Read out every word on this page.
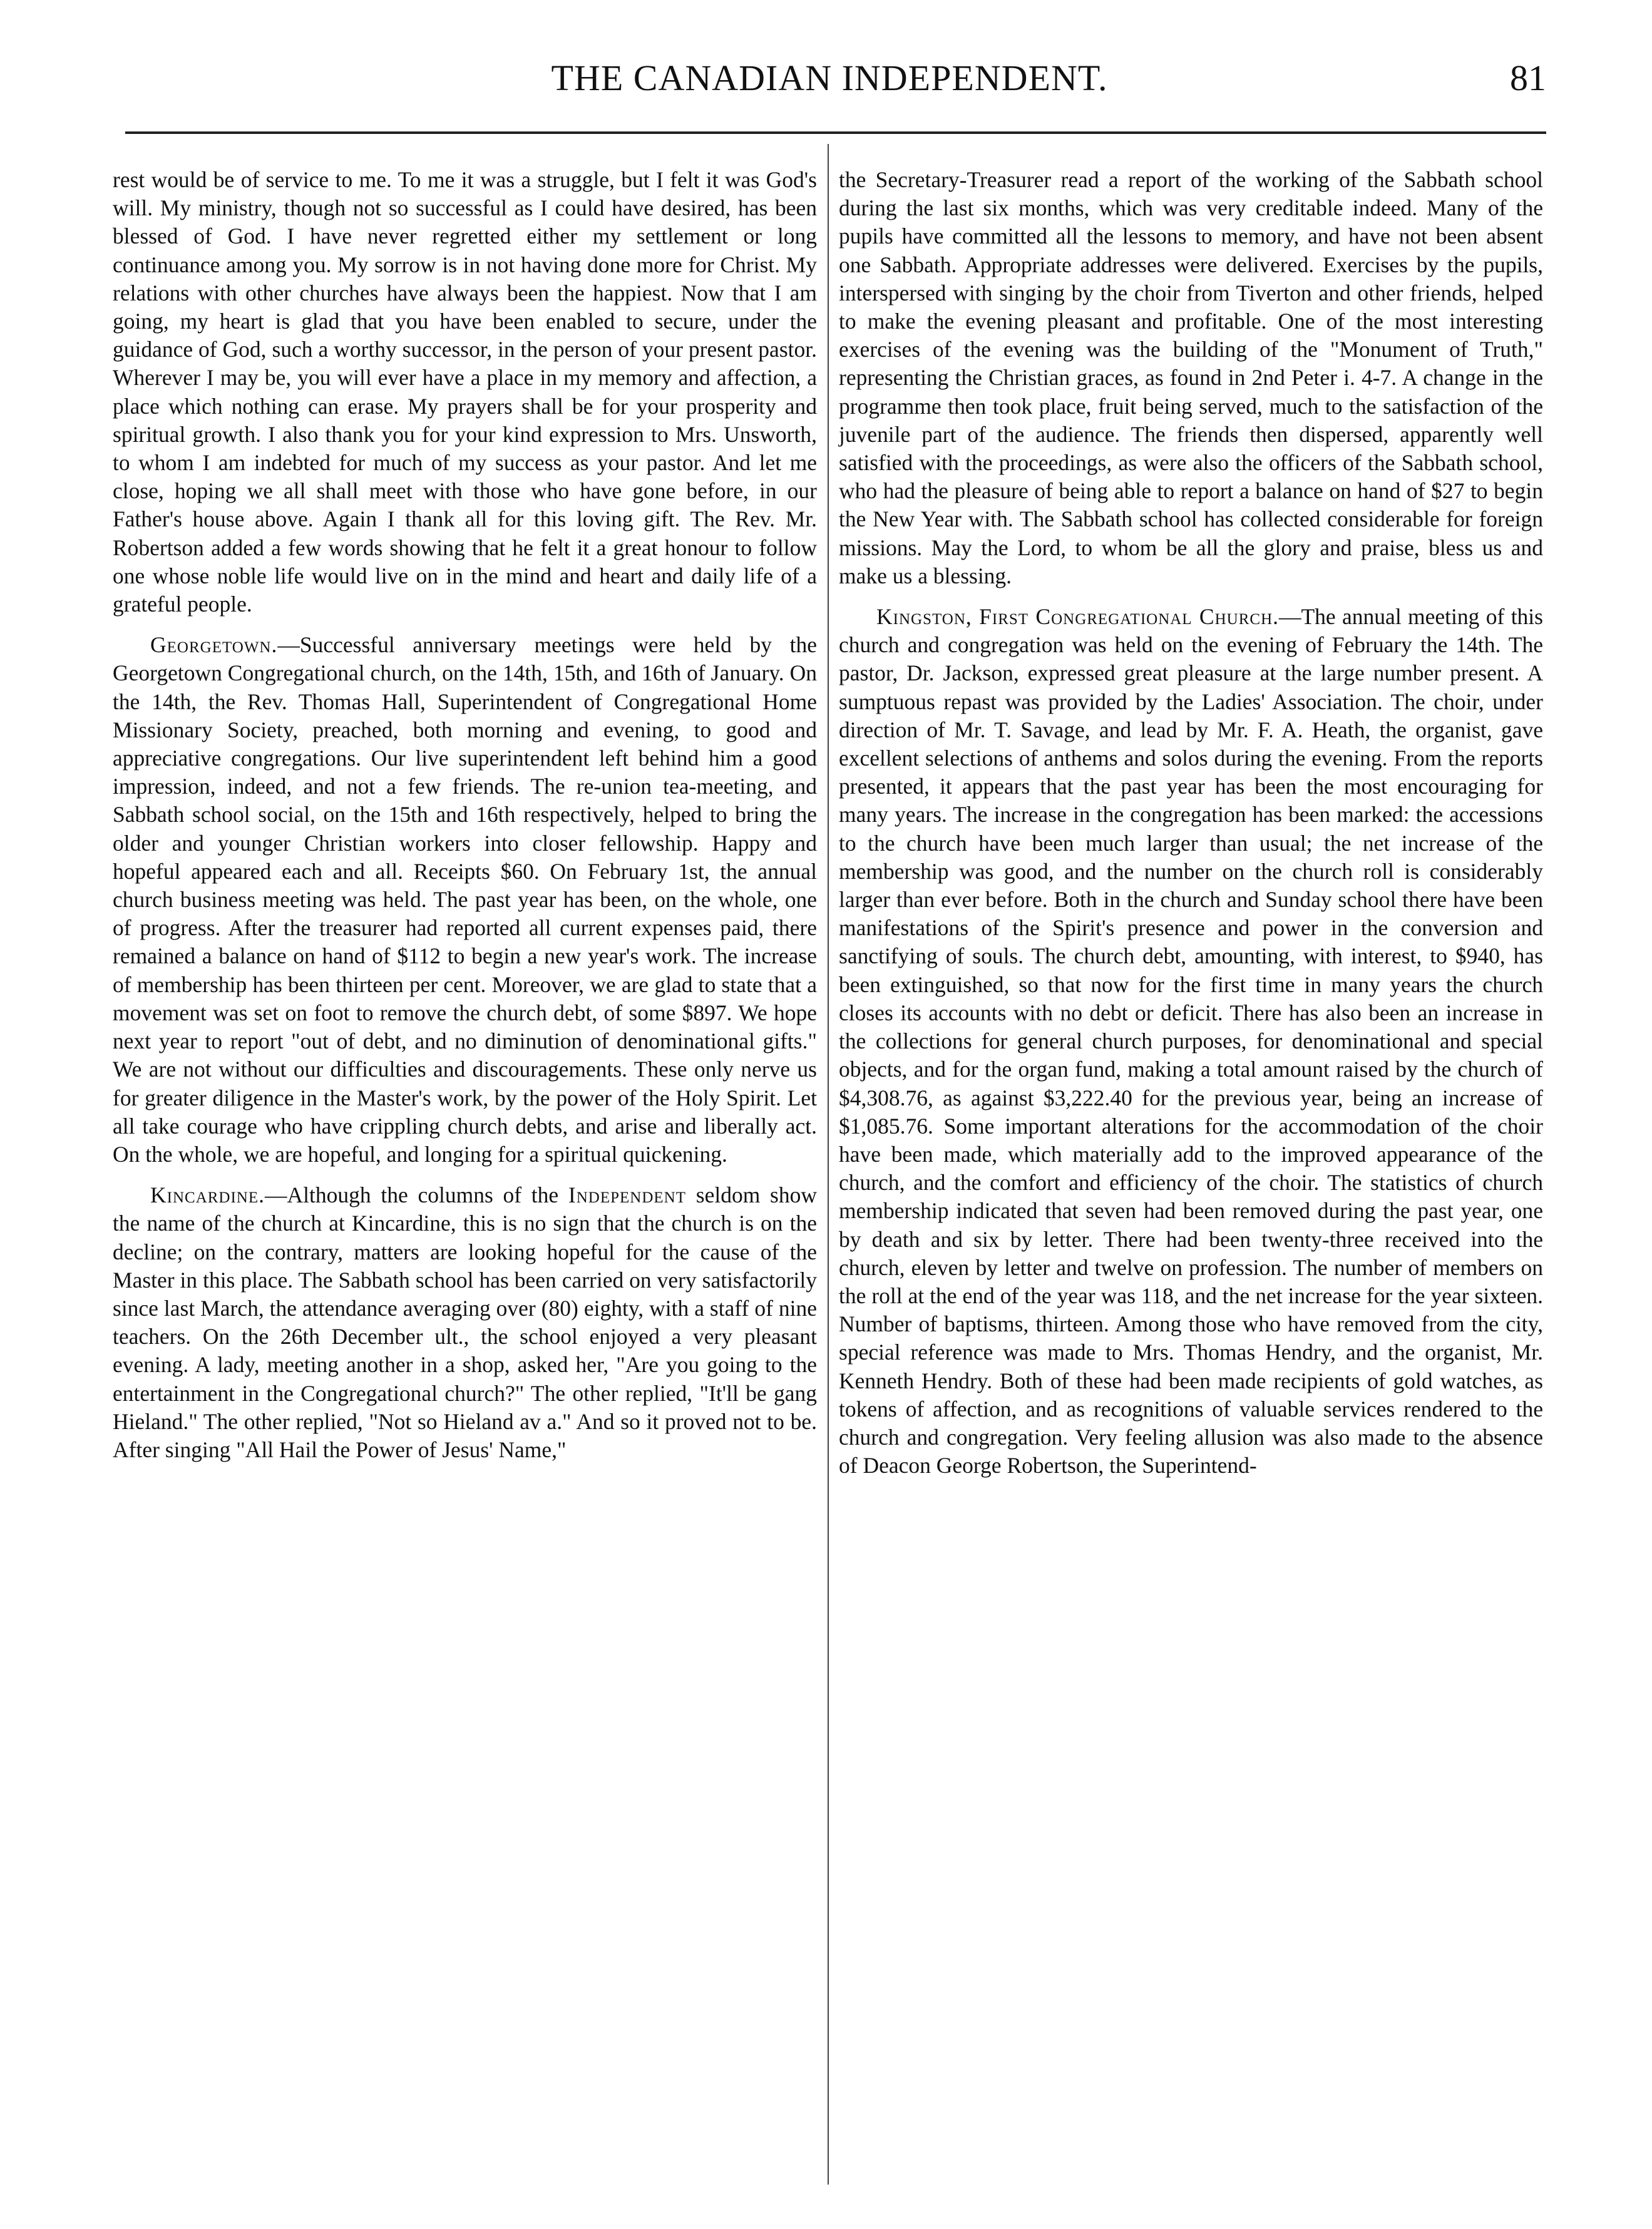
THE CANADIAN INDEPENDENT.	81

rest would be of service to me. To me it was a struggle, but I felt it was God's will. My ministry, though not so successful as I could have desired, has been blessed of God. I have never regretted either my settlement or long continuance among you. My sorrow is in not having done more for Christ. My relations with other churches have always been the happiest. Now that I am going, my heart is glad that you have been enabled to secure, under the guidance of God, such a worthy successor, in the person of your present pastor. Wherever I may be, you will ever have a place in my memory and affection, a place which nothing can erase. My prayers shall be for your prosperity and spiritual growth. I also thank you for your kind expression to Mrs. Unsworth, to whom I am indebted for much of my success as your pastor. And let me close, hoping we all shall meet with those who have gone before, in our Father's house above. Again I thank all for this loving gift. The Rev. Mr. Robertson added a few words showing that he felt it a great honour to follow one whose noble life would live on in the mind and heart and daily life of a grateful people.

Georgetown.—Successful anniversary meetings were held by the Georgetown Congregational church, on the 14th, 15th, and 16th of January. On the 14th, the Rev. Thomas Hall, Superintendent of Congregational Home Missionary Society, preached, both morning and evening, to good and appreciative congregations. Our live superintendent left behind him a good impression, indeed, and not a few friends. The re-union tea-meeting, and Sabbath school social, on the 15th and 16th respectively, helped to bring the older and younger Christian workers into closer fellowship. Happy and hopeful appeared each and all. Receipts $60. On February 1st, the annual church business meeting was held. The past year has been, on the whole, one of progress. After the treasurer had reported all current expenses paid, there remained a balance on hand of $112 to begin a new year's work. The increase of membership has been thirteen per cent. Moreover, we are glad to state that a movement was set on foot to remove the church debt, of some $897. We hope next year to report "out of debt, and no diminution of denominational gifts." We are not without our difficulties and discouragements. These only nerve us for greater diligence in the Master's work, by the power of the Holy Spirit. Let all take courage who have crippling church debts, and arise and liberally act. On the whole, we are hopeful, and longing for a spiritual quickening.

Kincardine.—Although the columns of the Independent seldom show the name of the church at Kincardine, this is no sign that the church is on the decline; on the contrary, matters are looking hopeful for the cause of the Master in this place. The Sabbath school has been carried on very satisfactorily since last March, the attendance averaging over (80) eighty, with a staff of nine teachers. On the 26th December ult., the school enjoyed a very pleasant evening. A lady, meeting another in a shop, asked her, "Are you going to the entertainment in the Congregational church?" The other replied, "It'll be gang Hieland." The other replied, "Not so Hieland av a." And so it proved not to be. After singing "All Hail the Power of Jesus' Name,"

the Secretary-Treasurer read a report of the working of the Sabbath school during the last six months, which was very creditable indeed. Many of the pupils have committed all the lessons to memory, and have not been absent one Sabbath. Appropriate addresses were delivered. Exercises by the pupils, interspersed with singing by the choir from Tiverton and other friends, helped to make the evening pleasant and profitable. One of the most interesting exercises of the evening was the building of the "Monument of Truth," representing the Christian graces, as found in 2nd Peter i. 4-7. A change in the programme then took place, fruit being served, much to the satisfaction of the juvenile part of the audience. The friends then dispersed, apparently well satisfied with the proceedings, as were also the officers of the Sabbath school, who had the pleasure of being able to report a balance on hand of $27 to begin the New Year with. The Sabbath school has collected considerable for foreign missions. May the Lord, to whom be all the glory and praise, bless us and make us a blessing.

Kingston, First Congregational Church.—The annual meeting of this church and congregation was held on the evening of February the 14th. The pastor, Dr. Jackson, expressed great pleasure at the large number present. A sumptuous repast was provided by the Ladies' Association. The choir, under direction of Mr. T. Savage, and lead by Mr. F. A. Heath, the organist, gave excellent selections of anthems and solos during the evening. From the reports presented, it appears that the past year has been the most encouraging for many years. The increase in the congregation has been marked: the accessions to the church have been much larger than usual; the net increase of the membership was good, and the number on the church roll is considerably larger than ever before. Both in the church and Sunday school there have been manifestations of the Spirit's presence and power in the conversion and sanctifying of souls. The church debt, amounting, with interest, to $940, has been extinguished, so that now for the first time in many years the church closes its accounts with no debt or deficit. There has also been an increase in the collections for general church purposes, for denominational and special objects, and for the organ fund, making a total amount raised by the church of $4,308.76, as against $3,222.40 for the previous year, being an increase of $1,085.76. Some important alterations for the accommodation of the choir have been made, which materially add to the improved appearance of the church, and the comfort and efficiency of the choir. The statistics of church membership indicated that seven had been removed during the past year, one by death and six by letter. There had been twenty-three received into the church, eleven by letter and twelve on profession. The number of members on the roll at the end of the year was 118, and the net increase for the year sixteen. Number of baptisms, thirteen. Among those who have removed from the city, special reference was made to Mrs. Thomas Hendry, and the organist, Mr. Kenneth Hendry. Both of these had been made recipients of gold watches, as tokens of affection, and as recognitions of valuable services rendered to the church and congregation. Very feeling allusion was also made to the absence of Deacon George Robertson, the Superintend-
